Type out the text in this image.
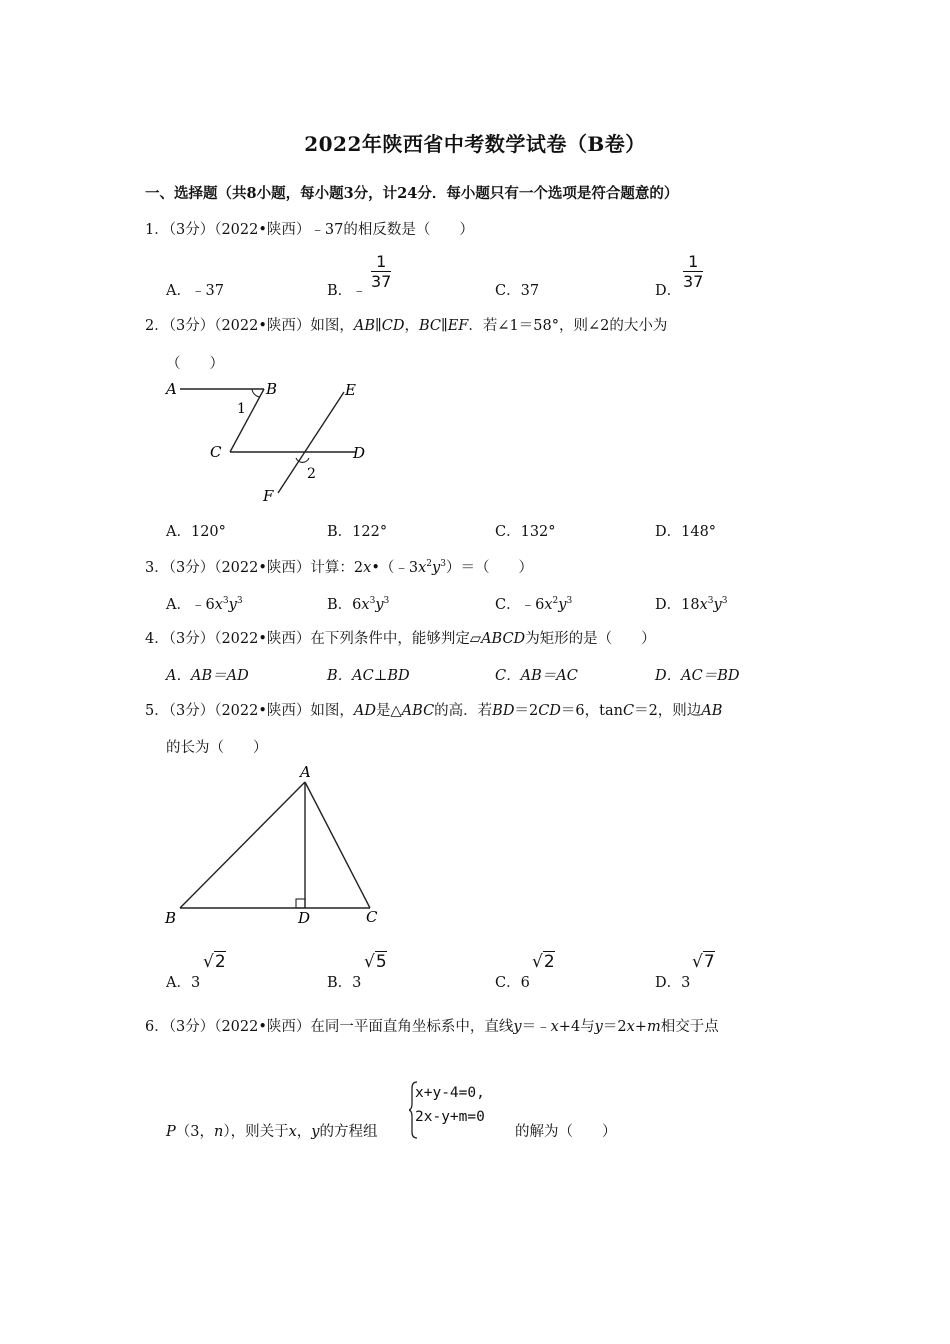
2022年陕西省中考数学试卷（B卷）
一、选择题（共8小题，每小题3分，计24分．每小题只有一个选项是符合题意的）
1．（3分）（2022•陕西）﹣37的相反数是（　　）
A．﹣37	B．﹣ $\frac{1}{37}$	C．37	D． $\frac{1}{37}$
2．（3分）（2022•陕西）如图，AB∥CD，BC∥EF．若∠1＝58°，则∠2的大小为
（　　）
A	B
C	D
E
F
1
2
A．120°	B．122°	C．132°	D．148°
3．（3分）（2022•陕西）计算：$2x•(﹣3x^2y^3)=$（　　）
A．$﹣6x^3y^3$	B．$6x^3y^3$	C．$﹣6x^2y^3$	D．$18x^3y^3$
4．（3分）（2022•陕西）在下列条件中，能够判定▱ABCD为矩形的是（　　）
A．AB＝AD	B．AC⊥BD	C．AB＝AC	D．AC＝BD
5．（3分）（2022•陕西）如图，AD是△ABC的高．若BD＝2CD＝6，tanC＝2，则边AB
的长为（　　）
A
B	C
D
A．3
√2
B．3
√5
C．6
√2
D．3
√7
6．（3分）（2022•陕西）在同一平面直角坐标系中，直线y＝﹣x+4与y＝2x+m相交于点
P（3，n），则关于x，y的方程组
x+y-4=0,
2x-y+m=0
的解为（　　）
